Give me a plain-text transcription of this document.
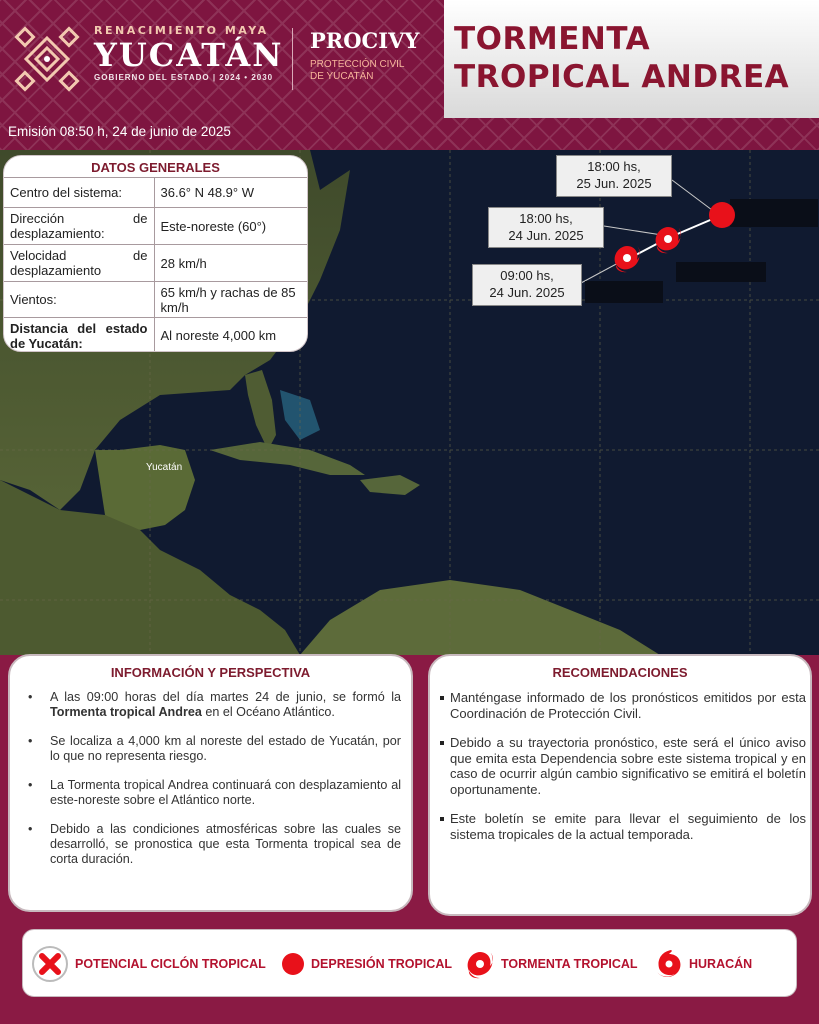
RENACIMIENTO MAYA
YUCATÁN
GOBIERNO DEL ESTADO | 2024 • 2030
PROCIVY
PROTECCIÓN CIVIL DE YUCATÁN
TORMENTA
TROPICAL ANDREA
Emisión 08:50 h, 24 de junio de 2025
09:00 hs,
24 Jun. 2025
18:00 hs,
24 Jun. 2025
18:00 hs,
25 Jun. 2025
Yucatán
DATOS GENERALES
Centro del sistema:	36.6° N 48.9° W
Dirección de desplazamiento:	Este-noreste (60°)
Velocidad de desplazamiento	28 km/h
Vientos:	65 km/h y rachas de 85 km/h
Distancia del estado de Yucatán:	Al noreste 4,000 km
INFORMACIÓN Y PERSPECTIVA
• A las 09:00 horas del día martes 24 de junio, se formó la Tormenta tropical Andrea en el Océano Atlántico.
• Se localiza a 4,000 km al noreste del estado de Yucatán, por lo que no representa riesgo.
• La Tormenta tropical Andrea continuará con desplazamiento al este-noreste sobre el Atlántico norte.
• Debido a las condiciones atmosféricas sobre las cuales se desarrolló, se pronostica que esta Tormenta tropical sea de corta duración.
RECOMENDACIONES
Manténgase informado de los pronósticos emitidos por esta Coordinación de Protección Civil.
Debido a su trayectoria pronóstico, este será el único aviso que emita esta Dependencia sobre este sistema tropical y en caso de ocurrir algún cambio significativo se emitirá el boletín oportunamente.
Este boletín se emite para llevar el seguimiento de los sistema tropicales de la actual temporada.
POTENCIAL CICLÓN TROPICAL	DEPRESIÓN TROPICAL	TORMENTA TROPICAL	HURACÁN
